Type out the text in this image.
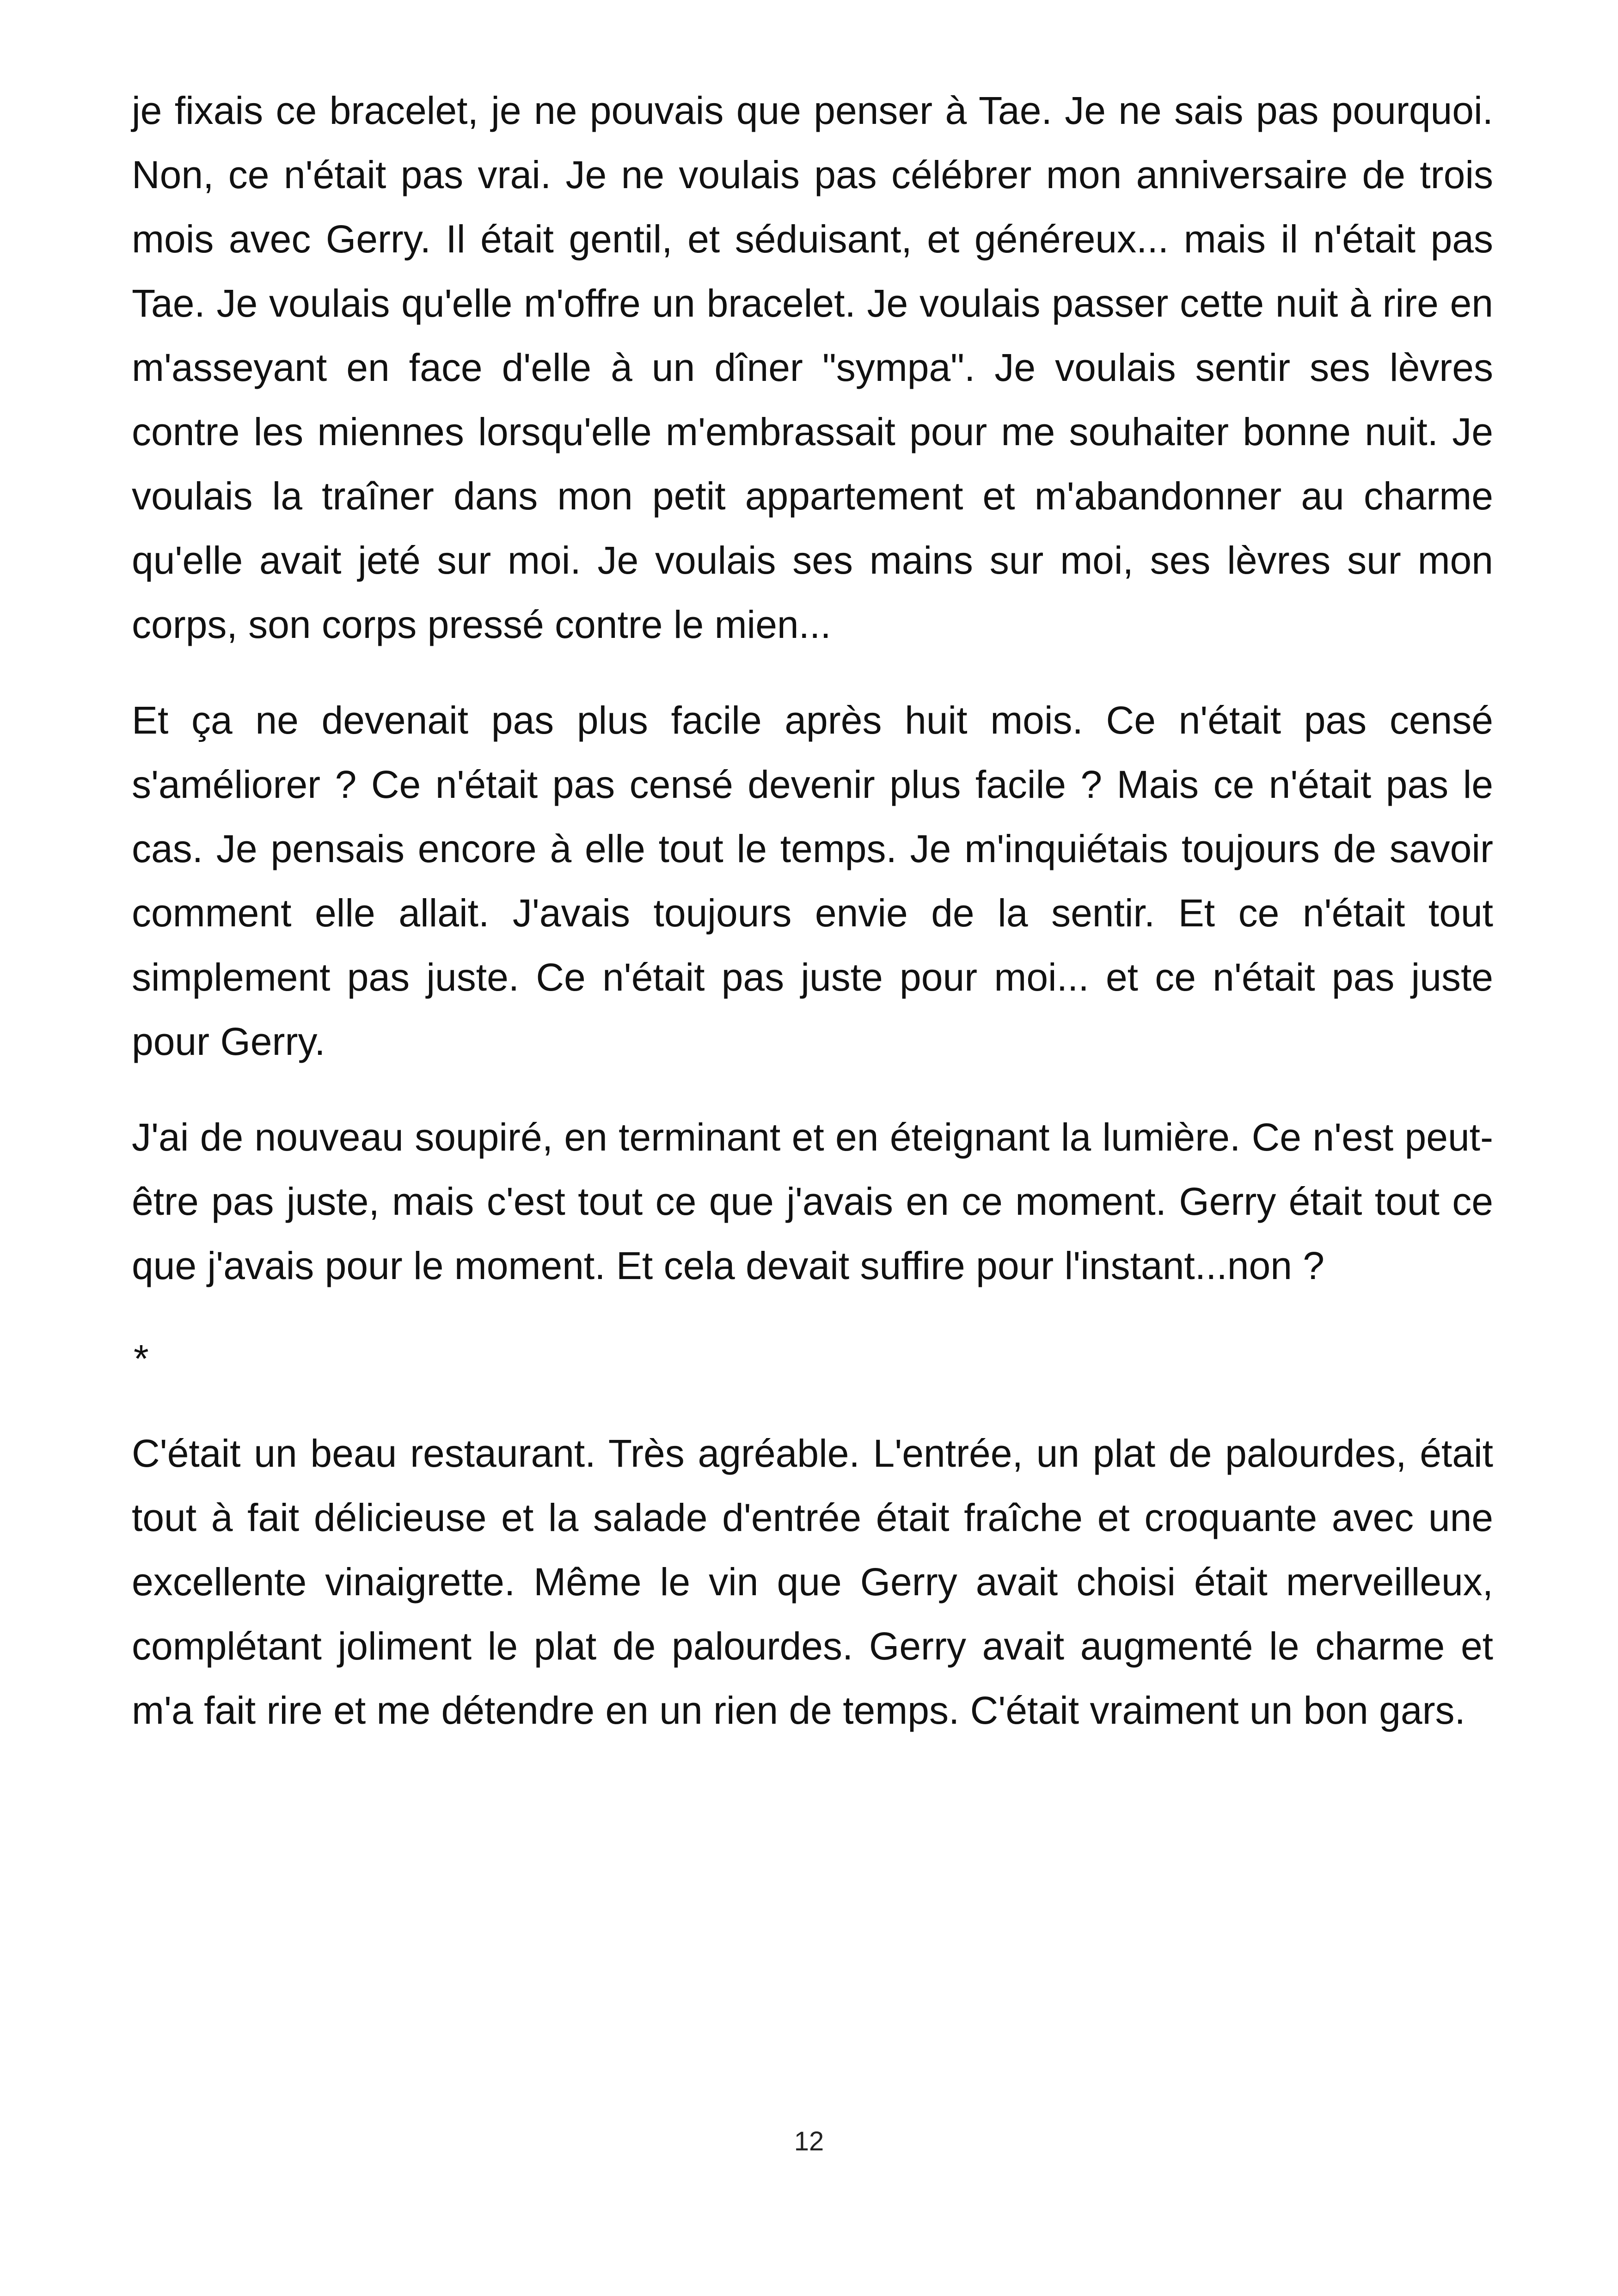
je fixais ce bracelet, je ne pouvais que penser à Tae. Je ne sais pas pourquoi. Non, ce n'était pas vrai. Je ne voulais pas célébrer mon anniversaire de trois mois avec Gerry. Il était gentil, et séduisant, et généreux... mais il n'était pas Tae. Je voulais qu'elle m'offre un bracelet. Je voulais passer cette nuit à rire en m'asseyant en face d'elle à un dîner "sympa". Je voulais sentir ses lèvres contre les miennes lorsqu'elle m'embrassait pour me souhaiter bonne nuit. Je voulais la traîner dans mon petit appartement et m'abandonner au charme qu'elle avait jeté sur moi. Je voulais ses mains sur moi, ses lèvres sur mon corps, son corps pressé contre le mien...

Et ça ne devenait pas plus facile après huit mois. Ce n'était pas censé s'améliorer ? Ce n'était pas censé devenir plus facile ? Mais ce n'était pas le cas. Je pensais encore à elle tout le temps. Je m'inquiétais toujours de savoir comment elle allait. J'avais toujours envie de la sentir. Et ce n'était tout simplement pas juste. Ce n'était pas juste pour moi... et ce n'était pas juste pour Gerry.

J'ai de nouveau soupiré, en terminant et en éteignant la lumière. Ce n'est peut-être pas juste, mais c'est tout ce que j'avais en ce moment. Gerry était tout ce que j'avais pour le moment. Et cela devait suffire pour l'instant...non ?

*

C'était un beau restaurant. Très agréable. L'entrée, un plat de palourdes, était tout à fait délicieuse et la salade d'entrée était fraîche et croquante avec une excellente vinaigrette. Même le vin que Gerry avait choisi était merveilleux, complétant joliment le plat de palourdes. Gerry avait augmenté le charme et m'a fait rire et me détendre en un rien de temps. C'était vraiment un bon gars.

12
